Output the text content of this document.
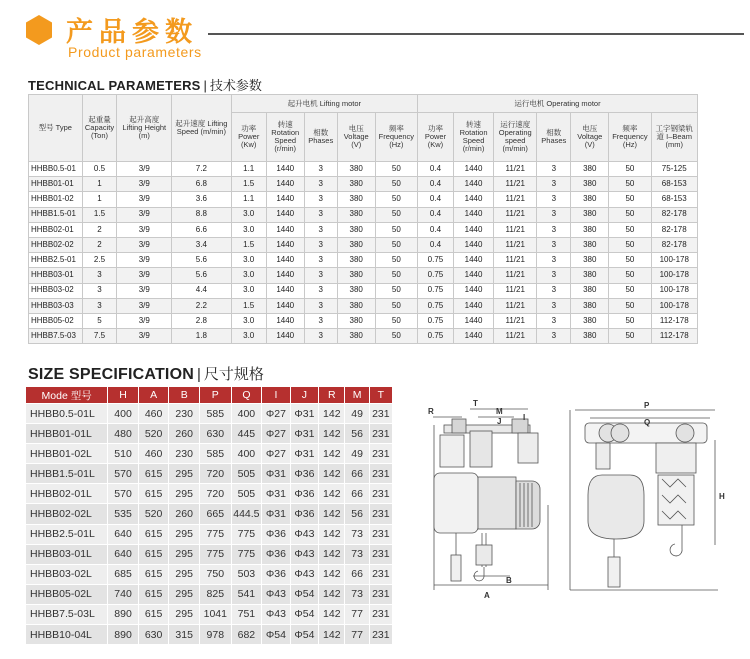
产品参数
Product parameters
TECHNICAL PARAMETERS | 技术参数
型号 Type	起重量 Capacity (Ton)	起升高度 Lifting Height (m)	起升速度 Lifting Speed (m/min)	起升电机 Lifting motor					运行电机 Operating motor						
				功率 Power (Kw)	转速 Rotation Speed (r/min)	相数 Phases	电压 Voltage (V)	频率 Frequency (Hz)	功率 Power (Kw)	转速 Rotation Speed (r/min)	运行速度 Operating speed (m/min)	相数 Phases	电压 Voltage (V)	频率 Frequency (Hz)	工字钢梁轨道 I–Beam (mm)
HHBB0.5-01	0.5	3/9	7.2	1.1	1440	3	380	50	0.4	1440	11/21	3	380	50	75-125
HHBB01-01	1	3/9	6.8	1.5	1440	3	380	50	0.4	1440	11/21	3	380	50	68-153
HHBB01-02	1	3/9	3.6	1.1	1440	3	380	50	0.4	1440	11/21	3	380	50	68-153
HHBB1.5-01	1.5	3/9	8.8	3.0	1440	3	380	50	0.4	1440	11/21	3	380	50	82-178
HHBB02-01	2	3/9	6.6	3.0	1440	3	380	50	0.4	1440	11/21	3	380	50	82-178
HHBB02-02	2	3/9	3.4	1.5	1440	3	380	50	0.4	1440	11/21	3	380	50	82-178
HHBB2.5-01	2.5	3/9	5.6	3.0	1440	3	380	50	0.75	1440	11/21	3	380	50	100-178
HHBB03-01	3	3/9	5.6	3.0	1440	3	380	50	0.75	1440	11/21	3	380	50	100-178
HHBB03-02	3	3/9	4.4	3.0	1440	3	380	50	0.75	1440	11/21	3	380	50	100-178
HHBB03-03	3	3/9	2.2	1.5	1440	3	380	50	0.75	1440	11/21	3	380	50	100-178
HHBB05-02	5	3/9	2.8	3.0	1440	3	380	50	0.75	1440	11/21	3	380	50	112-178
HHBB7.5-03	7.5	3/9	1.8	3.0	1440	3	380	50	0.75	1440	11/21	3	380	50	112-178
SIZE SPECIFICATION | 尺寸规格
Mode 型号	H	A	B	P	Q	I	J	R	M	T
HHBB0.5-01L	400	460	230	585	400	Φ27	Φ31	142	49	231
HHBB01-01L	480	520	260	630	445	Φ27	Φ31	142	56	231
HHBB01-02L	510	460	230	585	400	Φ27	Φ31	142	49	231
HHBB1.5-01L	570	615	295	720	505	Φ31	Φ36	142	66	231
HHBB02-01L	570	615	295	720	505	Φ31	Φ36	142	66	231
HHBB02-02L	535	520	260	665	444.5	Φ31	Φ36	142	56	231
HHBB2.5-01L	640	615	295	775	775	Φ36	Φ43	142	73	231
HHBB03-01L	640	615	295	775	775	Φ36	Φ43	142	73	231
HHBB03-02L	685	615	295	750	503	Φ36	Φ43	142	66	231
HHBB05-02L	740	615	295	825	541	Φ43	Φ54	142	73	231
HHBB7.5-03L	890	615	295	1041	751	Φ43	Φ54	142	77	231
HHBB10-04L	890	630	315	978	682	Φ54	Φ54	142	77	231
R
T
M
I
J
B
A
P
Q
H
